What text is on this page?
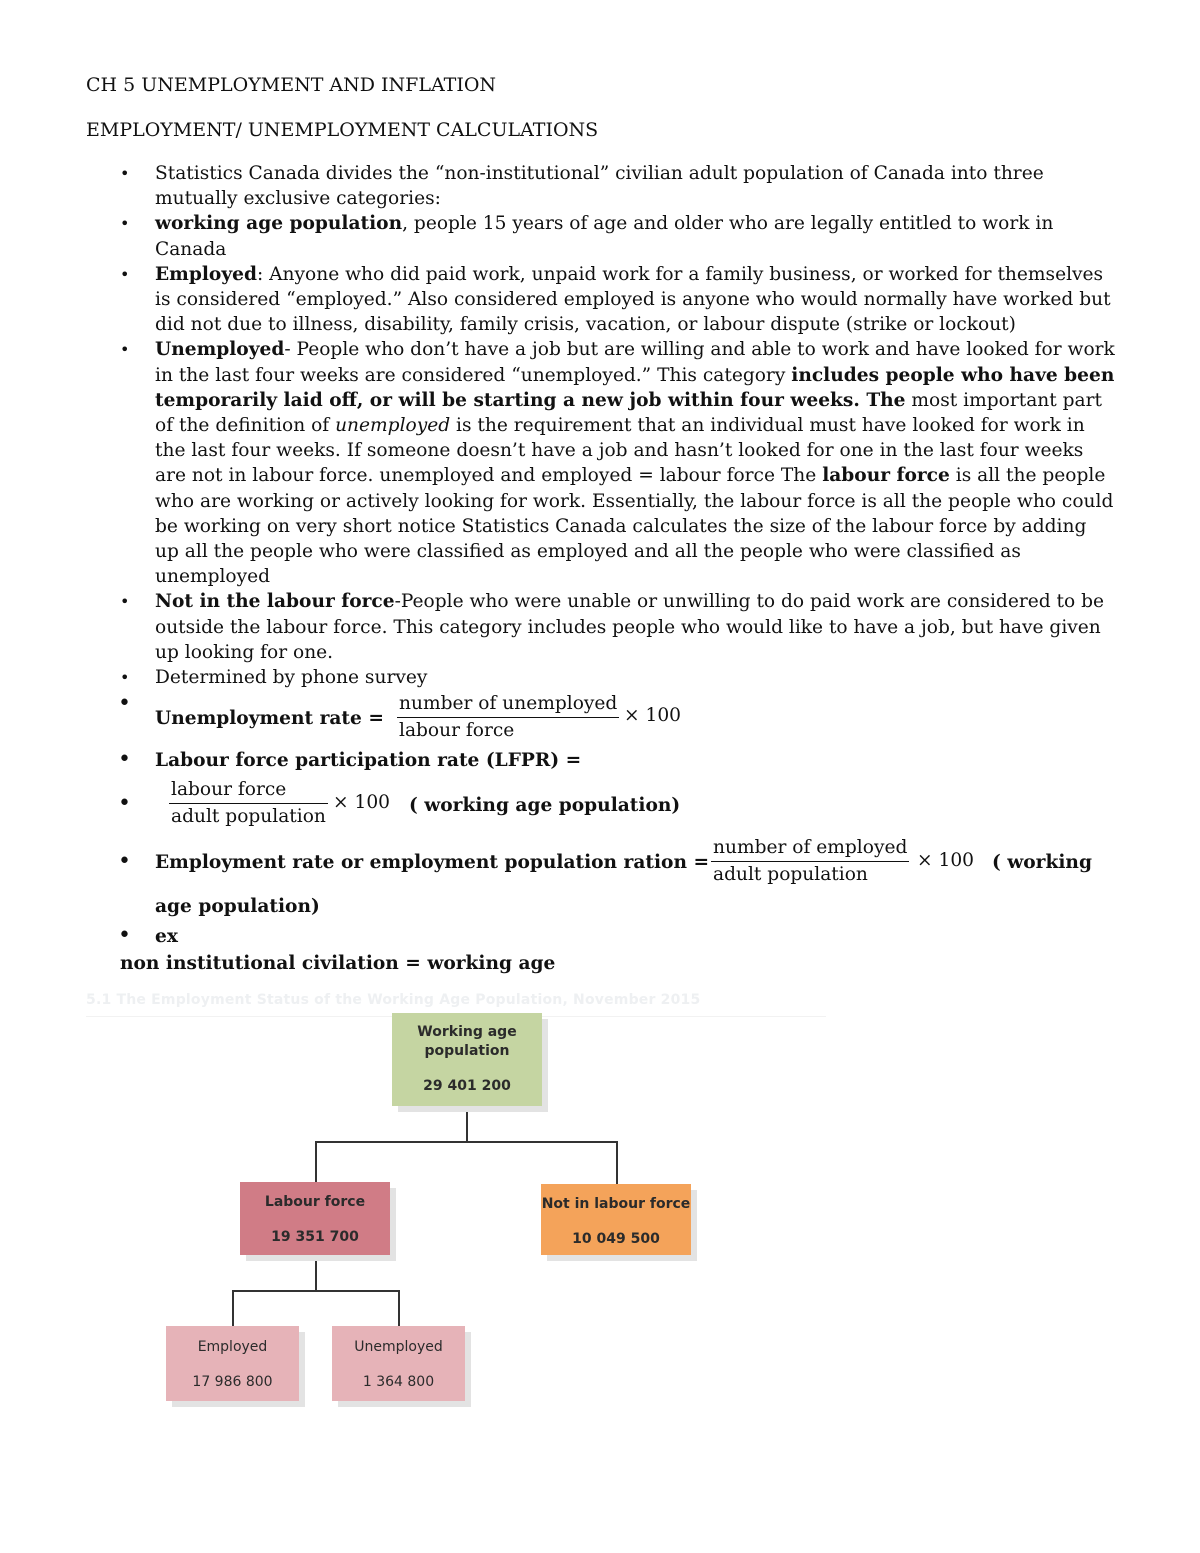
CH 5 UNEMPLOYMENT AND INFLATION
EMPLOYMENT/ UNEMPLOYMENT CALCULATIONS
• Statistics Canada divides the “non-institutional” civilian adult population of Canada into three mutually exclusive categories:
• working age population, people 15 years of age and older who are legally entitled to work in Canada
• Employed: Anyone who did paid work, unpaid work for a family business, or worked for themselves is considered “employed.” Also considered employed is anyone who would normally have worked but did not due to illness, disability, family crisis, vacation, or labour dispute (strike or lockout)
• Unemployed- People who don’t have a job but are willing and able to work and have looked for work in the last four weeks are considered “unemployed.” This category includes people who have been temporarily laid off, or will be starting a new job within four weeks. The most important part of the definition of unemployed is the requirement that an individual must have looked for work in the last four weeks. If someone doesn’t have a job and hasn’t looked for one in the last four weeks are not in labour force. unemployed and employed = labour force The labour force is all the people who are working or actively looking for work. Essentially, the labour force is all the people who could be working on very short notice Statistics Canada calculates the size of the labour force by adding up all the people who were classified as employed and all the people who were classified as unemployed
• Not in the labour force-People who were unable or unwilling to do paid work are considered to be outside the labour force. This category includes people who would like to have a job, but have given up looking for one.
• Determined by phone survey
•
Unemployment rate =
number of unemployed
labour force
× 100
• Labour force participation rate (LFPR) =
•
labour force
adult population
× 100 ( working age population)
• Employment rate or employment population ration =
number of employed
adult population
× 100 ( working
age population)
• ex
non institutional civilation = working age
5.1 The Employment Status of the Working Age Population, November 2015
Working age
population
29 401 200
Labour force
19 351 700
Not in labour force
10 049 500
Employed
17 986 800
Unemployed
1 364 800
